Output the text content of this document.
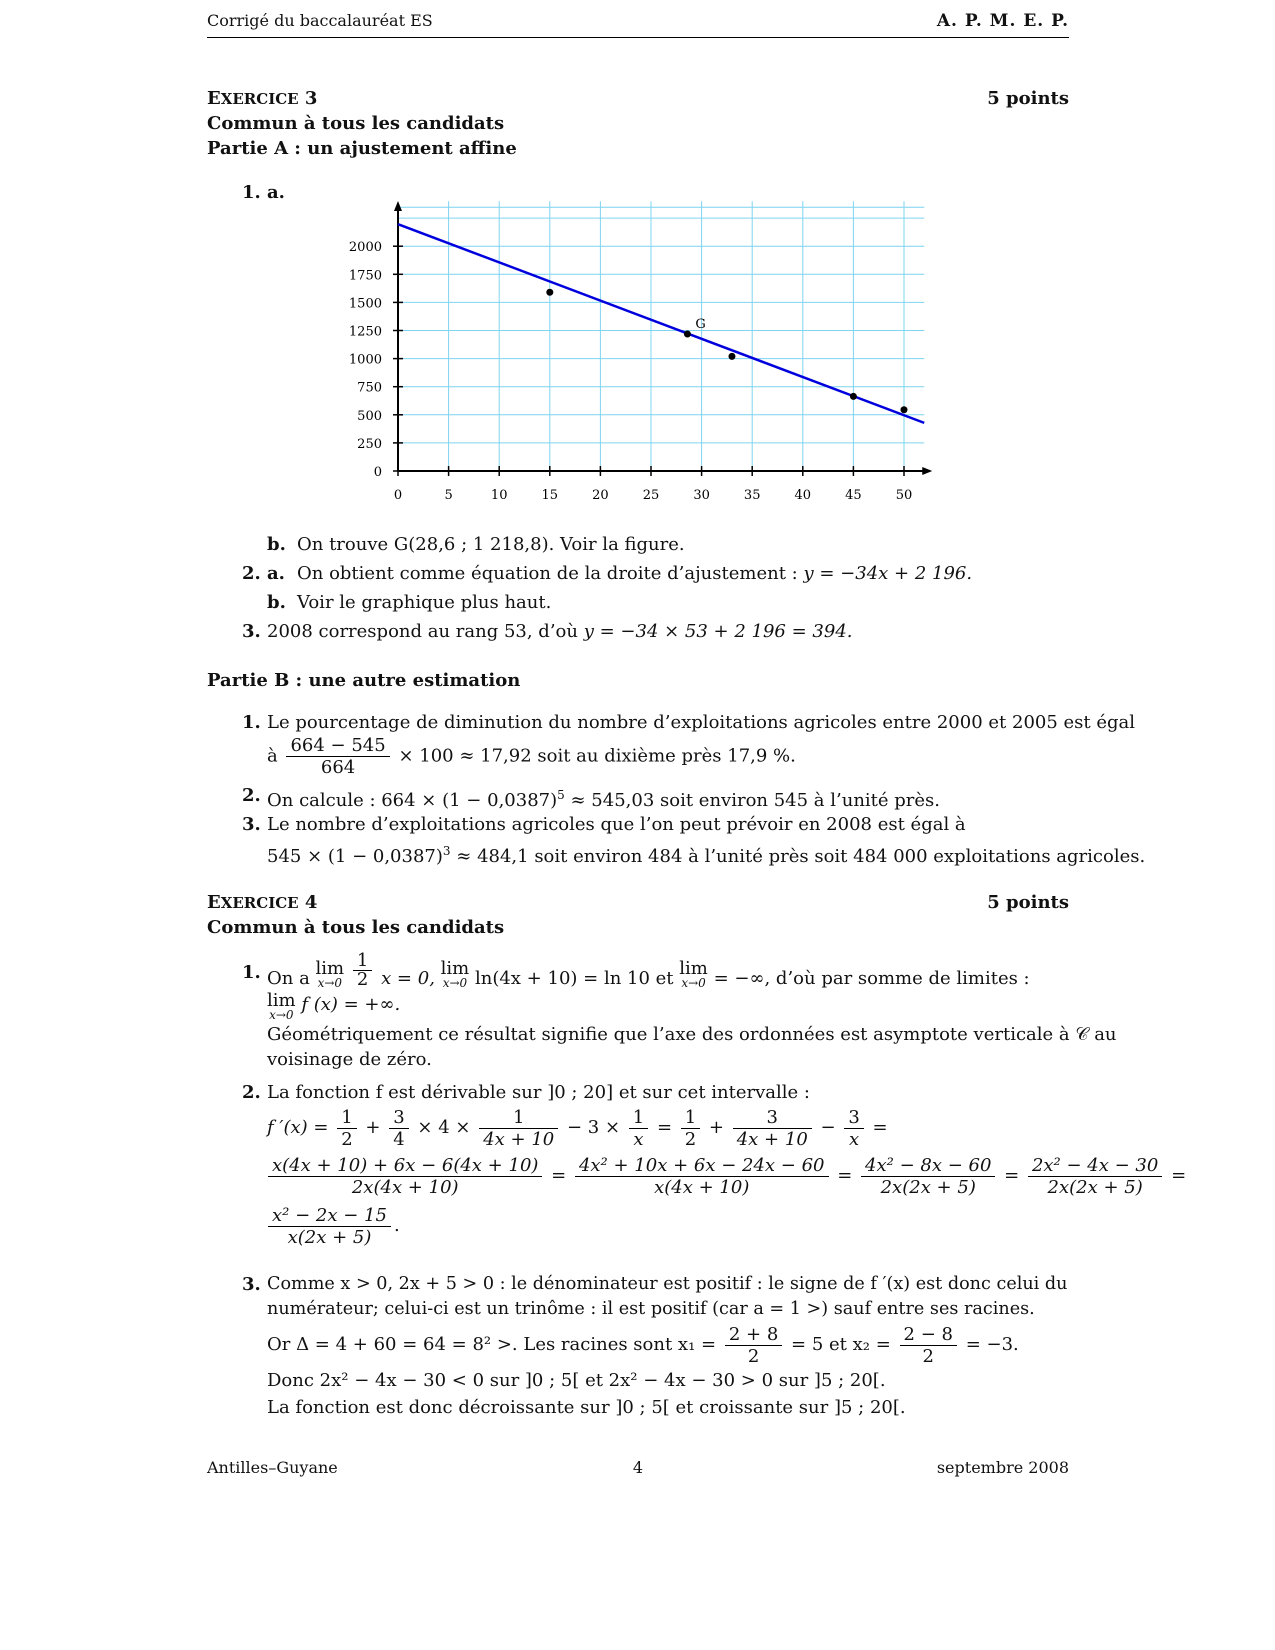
Corrigé du baccalauréat ES	A. P. M. E. P.
EXERCICE 3	5 points
Commun à tous les candidats
Partie A : un ajustement affine
1. a.
0	5	10	15	20	25	30	35	40	45	50
0
250
500
750
1000
1250
1500
1750
2000
G
b. On trouve G(28,6 ; 1 218,8). Voir la figure.
2. a. On obtient comme équation de la droite d’ajustement : y = −34x + 2 196.
b. Voir le graphique plus haut.
3. 2008 correspond au rang 53, d’où y = −34 × 53 + 2 196 = 394.
Partie B : une autre estimation
1. Le pourcentage de diminution du nombre d’exploitations agricoles entre 2000 et 2005 est égal
à $\frac{664 - 545}{664} \times 100 \approx 17,92$ soit au dixième près 17,9 %.
2. On calcule : $664 \times (1 - 0,0387)^5 \approx 545,03$ soit environ 545 à l’unité près.
3. Le nombre d’exploitations agricoles que l’on peut prévoir en 2008 est égal à
$545 \times (1 - 0,0387)^3 \approx 484,1$ soit environ 484 à l’unité près soit 484 000 exploitations agricoles.
EXERCICE 4	5 points
Commun à tous les candidats
1. On a lim
x→0
$\frac{1}{2}$ x = 0, lim
x→0 ln(4x + 10) = ln 10 et lim
x→0 = −∞, d’où par somme de limites :
lim
x→0 f (x) = +∞.
Géométriquement ce résultat signifie que l’axe des ordonnées est asymptote verticale à 𝒞 au
voisinage de zéro.
2. La fonction f est dérivable sur ]0 ; 20] et sur cet intervalle :
f $'(x) = \frac{1}{2} + \frac{3}{4} \times 4 \times \frac{1}{4x + 10} - 3 \times \frac{1}{x} = \frac{1}{2} + \frac{3}{4x + 10} - \frac{3}{x}$ =
$\frac{x(4x + 10) + 6x - 6(4x + 10)}{2x(4x + 10)} = \frac{\text{4x² + 10x + 6x − 24x − 60}}{x(4x + 10)} = \frac{\text{4x² − 8x − 60}}{2x(2x + 5)} = \frac{\text{2x² − 4x − 30}}{2x(2x + 5)}$ =
$\frac{\text{x² − 2x − 15}}{x(2x + 5)}$ .
3. Comme x > 0, 2x + 5 > 0 : le dénominateur est positif : le signe de f ′(x) est donc celui du
numérateur; celui-ci est un trinôme : il est positif (car a = 1 >) sauf entre ses racines.
Or Δ = 4 + 60 = 64 = 8² >. Les racines sont $x_1 = \frac{2 + 8}{2} = 5$ et $x_2 = \frac{2 - 8}{2} = -3$.
Donc 2x² − 4x − 30 < 0 sur ]0 ; 5[ et 2x² − 4x − 30 > 0 sur ]5 ; 20[.
La fonction est donc décroissante sur ]0 ; 5[ et croissante sur ]5 ; 20[.
Antilles–Guyane	4	septembre 2008
